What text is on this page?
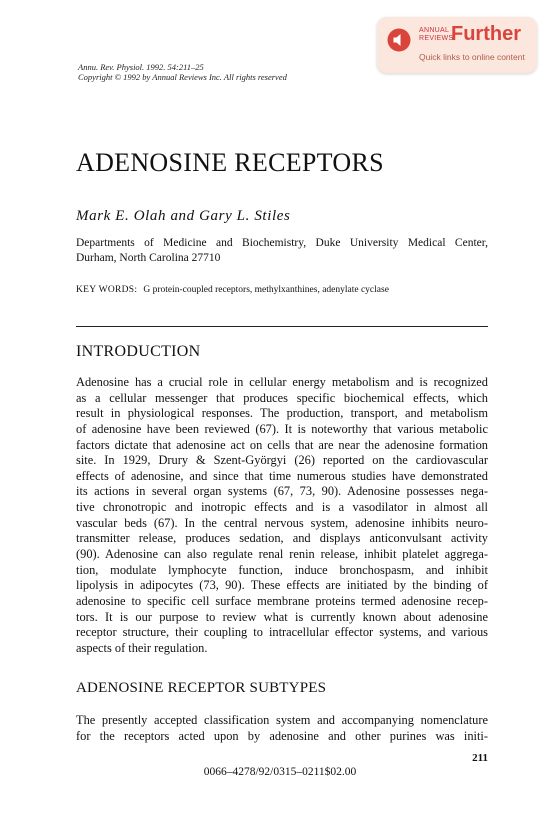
ANNUAL
REVIEWS
Further
Quick links to online content
Annu. Rev. Physiol. 1992. 54:211–25
Copyright © 1992 by Annual Reviews Inc. All rights reserved
ADENOSINE RECEPTORS
Mark E. Olah and Gary L. Stiles
Departments of Medicine and Biochemistry, Duke University Medical Center,
Durham, North Carolina 27710
KEY WORDS: G protein-coupled receptors, methylxanthines, adenylate cyclase
INTRODUCTION
Adenosine has a crucial role in cellular energy metabolism and is recognized
as a cellular messenger that produces specific biochemical effects, which
result in physiological responses. The production, transport, and metabolism
of adenosine have been reviewed (67). It is noteworthy that various metabolic
factors dictate that adenosine act on cells that are near the adenosine formation
site. In 1929, Drury & Szent-Györgyi (26) reported on the cardiovascular
effects of adenosine, and since that time numerous studies have demonstrated
its actions in several organ systems (67, 73, 90). Adenosine possesses nega-
tive chronotropic and inotropic effects and is a vasodilator in almost all
vascular beds (67). In the central nervous system, adenosine inhibits neuro-
transmitter release, produces sedation, and displays anticonvulsant activity
(90). Adenosine can also regulate renal renin release, inhibit platelet aggrega-
tion, modulate lymphocyte function, induce bronchospasm, and inhibit
lipolysis in adipocytes (73, 90). These effects are initiated by the binding of
adenosine to specific cell surface membrane proteins termed adenosine recep-
tors. It is our purpose to review what is currently known about adenosine
receptor structure, their coupling to intracellular effector systems, and various
aspects of their regulation.
ADENOSINE RECEPTOR SUBTYPES
The presently accepted classification system and accompanying nomenclature
for the receptors acted upon by adenosine and other purines was initi-
211
0066–4278/92/0315–0211$02.00
